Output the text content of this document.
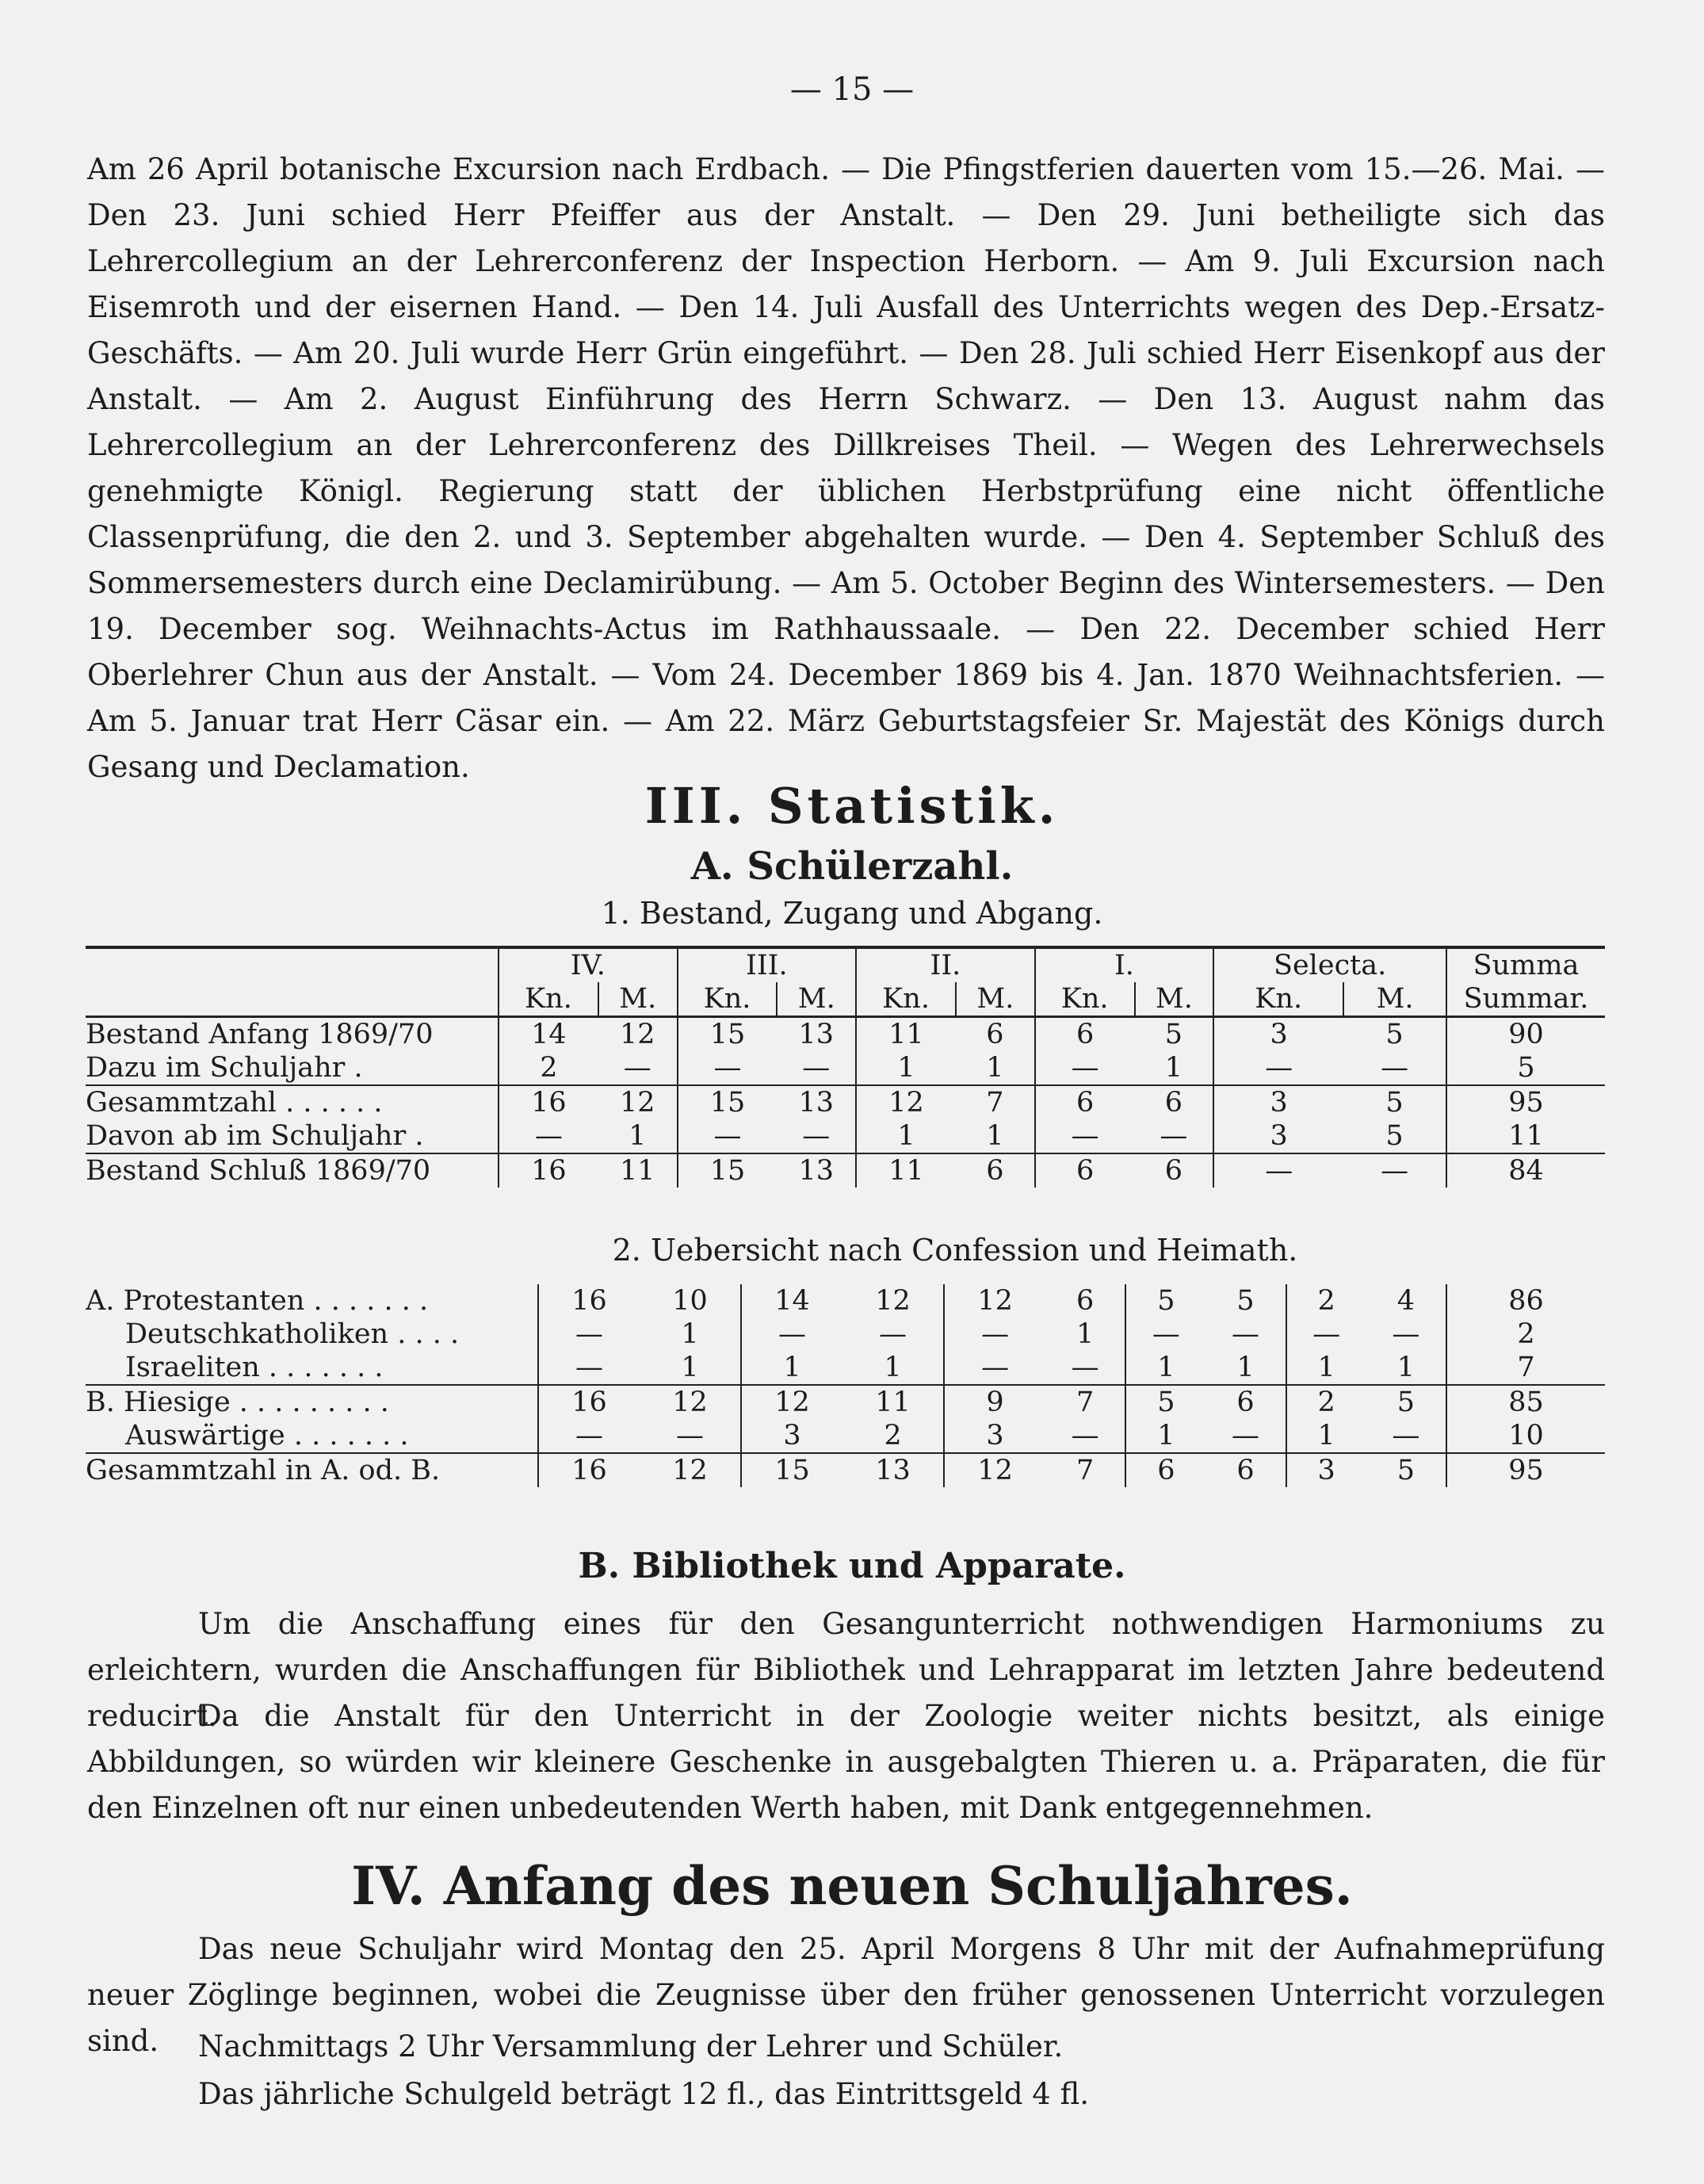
— 15 —

Am 26 April botanische Excursion nach Erdbach. — Die Pfingstferien dauerten vom 15.—26. Mai. — Den 23. Juni schied Herr Pfeiffer aus der Anstalt. — Den 29. Juni betheiligte sich das Lehrercollegium an der Lehrerconferenz der Inspection Herborn. — Am 9. Juli Excursion nach Eisemroth und der eisernen Hand. — Den 14. Juli Ausfall des Unterrichts wegen des Dep.-Ersatz-Geschäfts. — Am 20. Juli wurde Herr Grün eingeführt. — Den 28. Juli schied Herr Eisenkopf aus der Anstalt. — Am 2. August Einführung des Herrn Schwarz. — Den 13. August nahm das Lehrercollegium an der Lehrerconferenz des Dillkreises Theil. — Wegen des Lehrerwechsels genehmigte Königl. Regierung statt der üblichen Herbstprüfung eine nicht öffentliche Classenprüfung, die den 2. und 3. September abgehalten wurde. — Den 4. September Schluß des Sommersemesters durch eine Declamirübung. — Am 5. October Beginn des Wintersemesters. — Den 19. December sog. Weihnachts-Actus im Rathhaussaale. — Den 22. December schied Herr Oberlehrer Chun aus der Anstalt. — Vom 24. December 1869 bis 4. Jan. 1870 Weihnachtsferien. — Am 5. Januar trat Herr Cäsar ein. — Am 22. März Geburtstagsfeier Sr. Majestät des Königs durch Gesang und Declamation.

III. Statistik.
A. Schülerzahl.
1. Bestand, Zugang und Abgang.
	IV.		III.		II.		I.		Selecta.		Summa
	Kn.	M.	Kn.	M.	Kn.	M.	Kn.	M.	Kn.	M.	Summar.
Bestand Anfang 1869/70	14	12	15	13	11	6	6	5	3	5	90
Dazu im Schuljahr .	2	—	—	—	1	1	—	1	—	—	5
Gesammtzahl . . . . . .	16	12	15	13	12	7	6	6	3	5	95
Davon ab im Schuljahr .	—	1	—	—	1	1	—	—	3	5	11
Bestand Schluß 1869/70	16	11	15	13	11	6	6	6	—	—	84
2. Uebersicht nach Confession und Heimath.
A. Protestanten . . . . . . .	16	10	14	12	12	6	5	5	2	4	86
Deutschkatholiken . . . .	—	1	—	—	—	1	—	—	—	—	2
Israeliten . . . . . . .	—	1	1	1	—	—	1	1	1	1	7
B. Hiesige . . . . . . . . .	16	12	12	11	9	7	5	6	2	5	85
Auswärtige . . . . . . .	—	—	3	2	3	—	1	—	1	—	10
Gesammtzahl in A. od. B.	16	12	15	13	12	7	6	6	3	5	95
B. Bibliothek und Apparate.

Um die Anschaffung eines für den Gesangunterricht nothwendigen Harmoniums zu erleichtern, wurden die Anschaffungen für Bibliothek und Lehrapparat im letzten Jahre bedeutend reducirt.

Da die Anstalt für den Unterricht in der Zoologie weiter nichts besitzt, als einige Abbildungen, so würden wir kleinere Geschenke in ausgebalgten Thieren u. a. Präparaten, die für den Einzelnen oft nur einen unbedeutenden Werth haben, mit Dank entgegennehmen.

IV. Anfang des neuen Schuljahres.

Das neue Schuljahr wird Montag den 25. April Morgens 8 Uhr mit der Aufnahmeprüfung neuer Zöglinge beginnen, wobei die Zeugnisse über den früher genossenen Unterricht vorzulegen sind.	Nachmittags 2 Uhr Versammlung der Lehrer und Schüler.
Das jährliche Schulgeld beträgt 12 fl., das Eintrittsgeld 4 fl.
